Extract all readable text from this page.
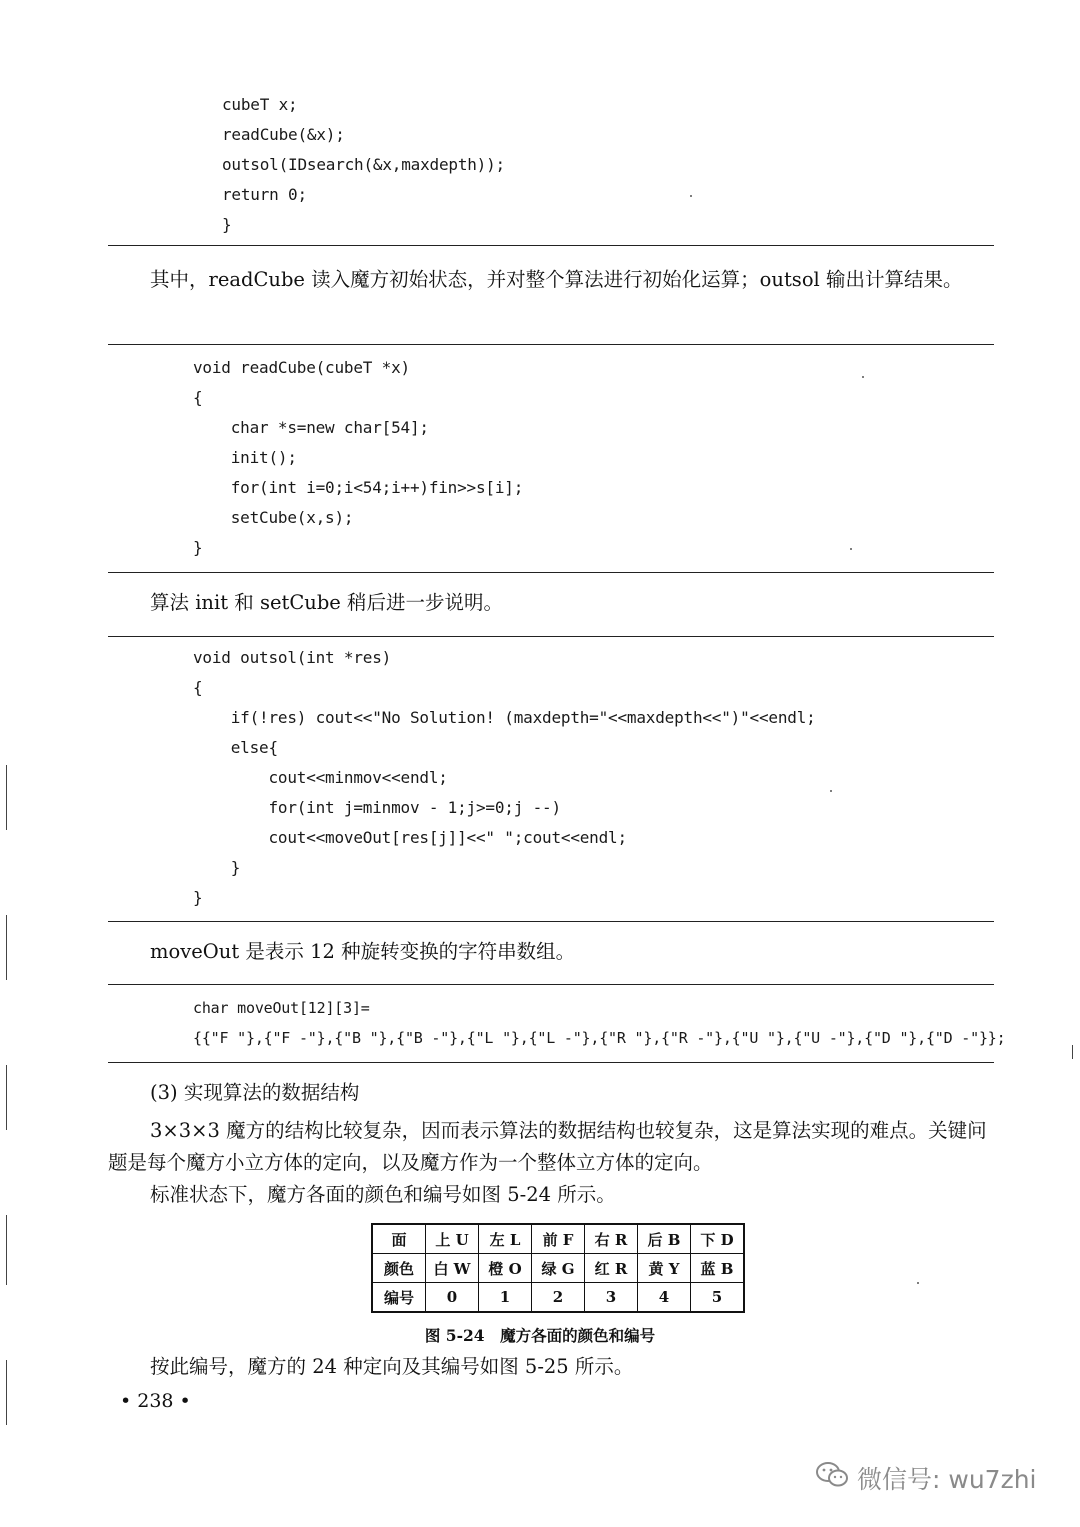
cubeT x;
readCube(&x);
outsol(IDsearch(&x,maxdepth));
return 0;
}
其中，readCube 读入魔方初始状态，并对整个算法进行初始化运算；outsol 输出计算结果。
void readCube(cubeT *x)
{
char *s=new char[54];
init();
for(int i=0;i<54;i++)fin>>s[i];
setCube(x,s);
}
算法 init 和 setCube 稍后进一步说明。
void outsol(int *res)
{
if(!res) cout<<"No Solution! (maxdepth="<<maxdepth<<")"<<endl;
else{
cout<<minmov<<endl;
for(int j=minmov - 1;j>=0;j --)
cout<<moveOut[res[j]]<<" ";cout<<endl;
}
}
moveOut 是表示 12 种旋转变换的字符串数组。
char moveOut[12][3]=
{{"F "},{"F -"},{"B "},{"B -"},{"L "},{"L -"},{"R "},{"R -"},{"U "},{"U -"},{"D "},{"D -"}};
(3) 实现算法的数据结构
3×3×3 魔方的结构比较复杂，因而表示算法的数据结构也较复杂，这是算法实现的难点。关键问题是每个魔方小立方体的定向，以及魔方作为一个整体立方体的定向。
标准状态下，魔方各面的颜色和编号如图 5-24 所示。
面	上 U	左 L	前 F	右 R	后 B	下 D
颜色	白 W	橙 O	绿 G	红 R	黄 Y	蓝 B
编号	0	1	2	3	4	5
图 5-24　魔方各面的颜色和编号
按此编号，魔方的 24 种定向及其编号如图 5-25 所示。
• 238 •
微信号: wu7zhi
